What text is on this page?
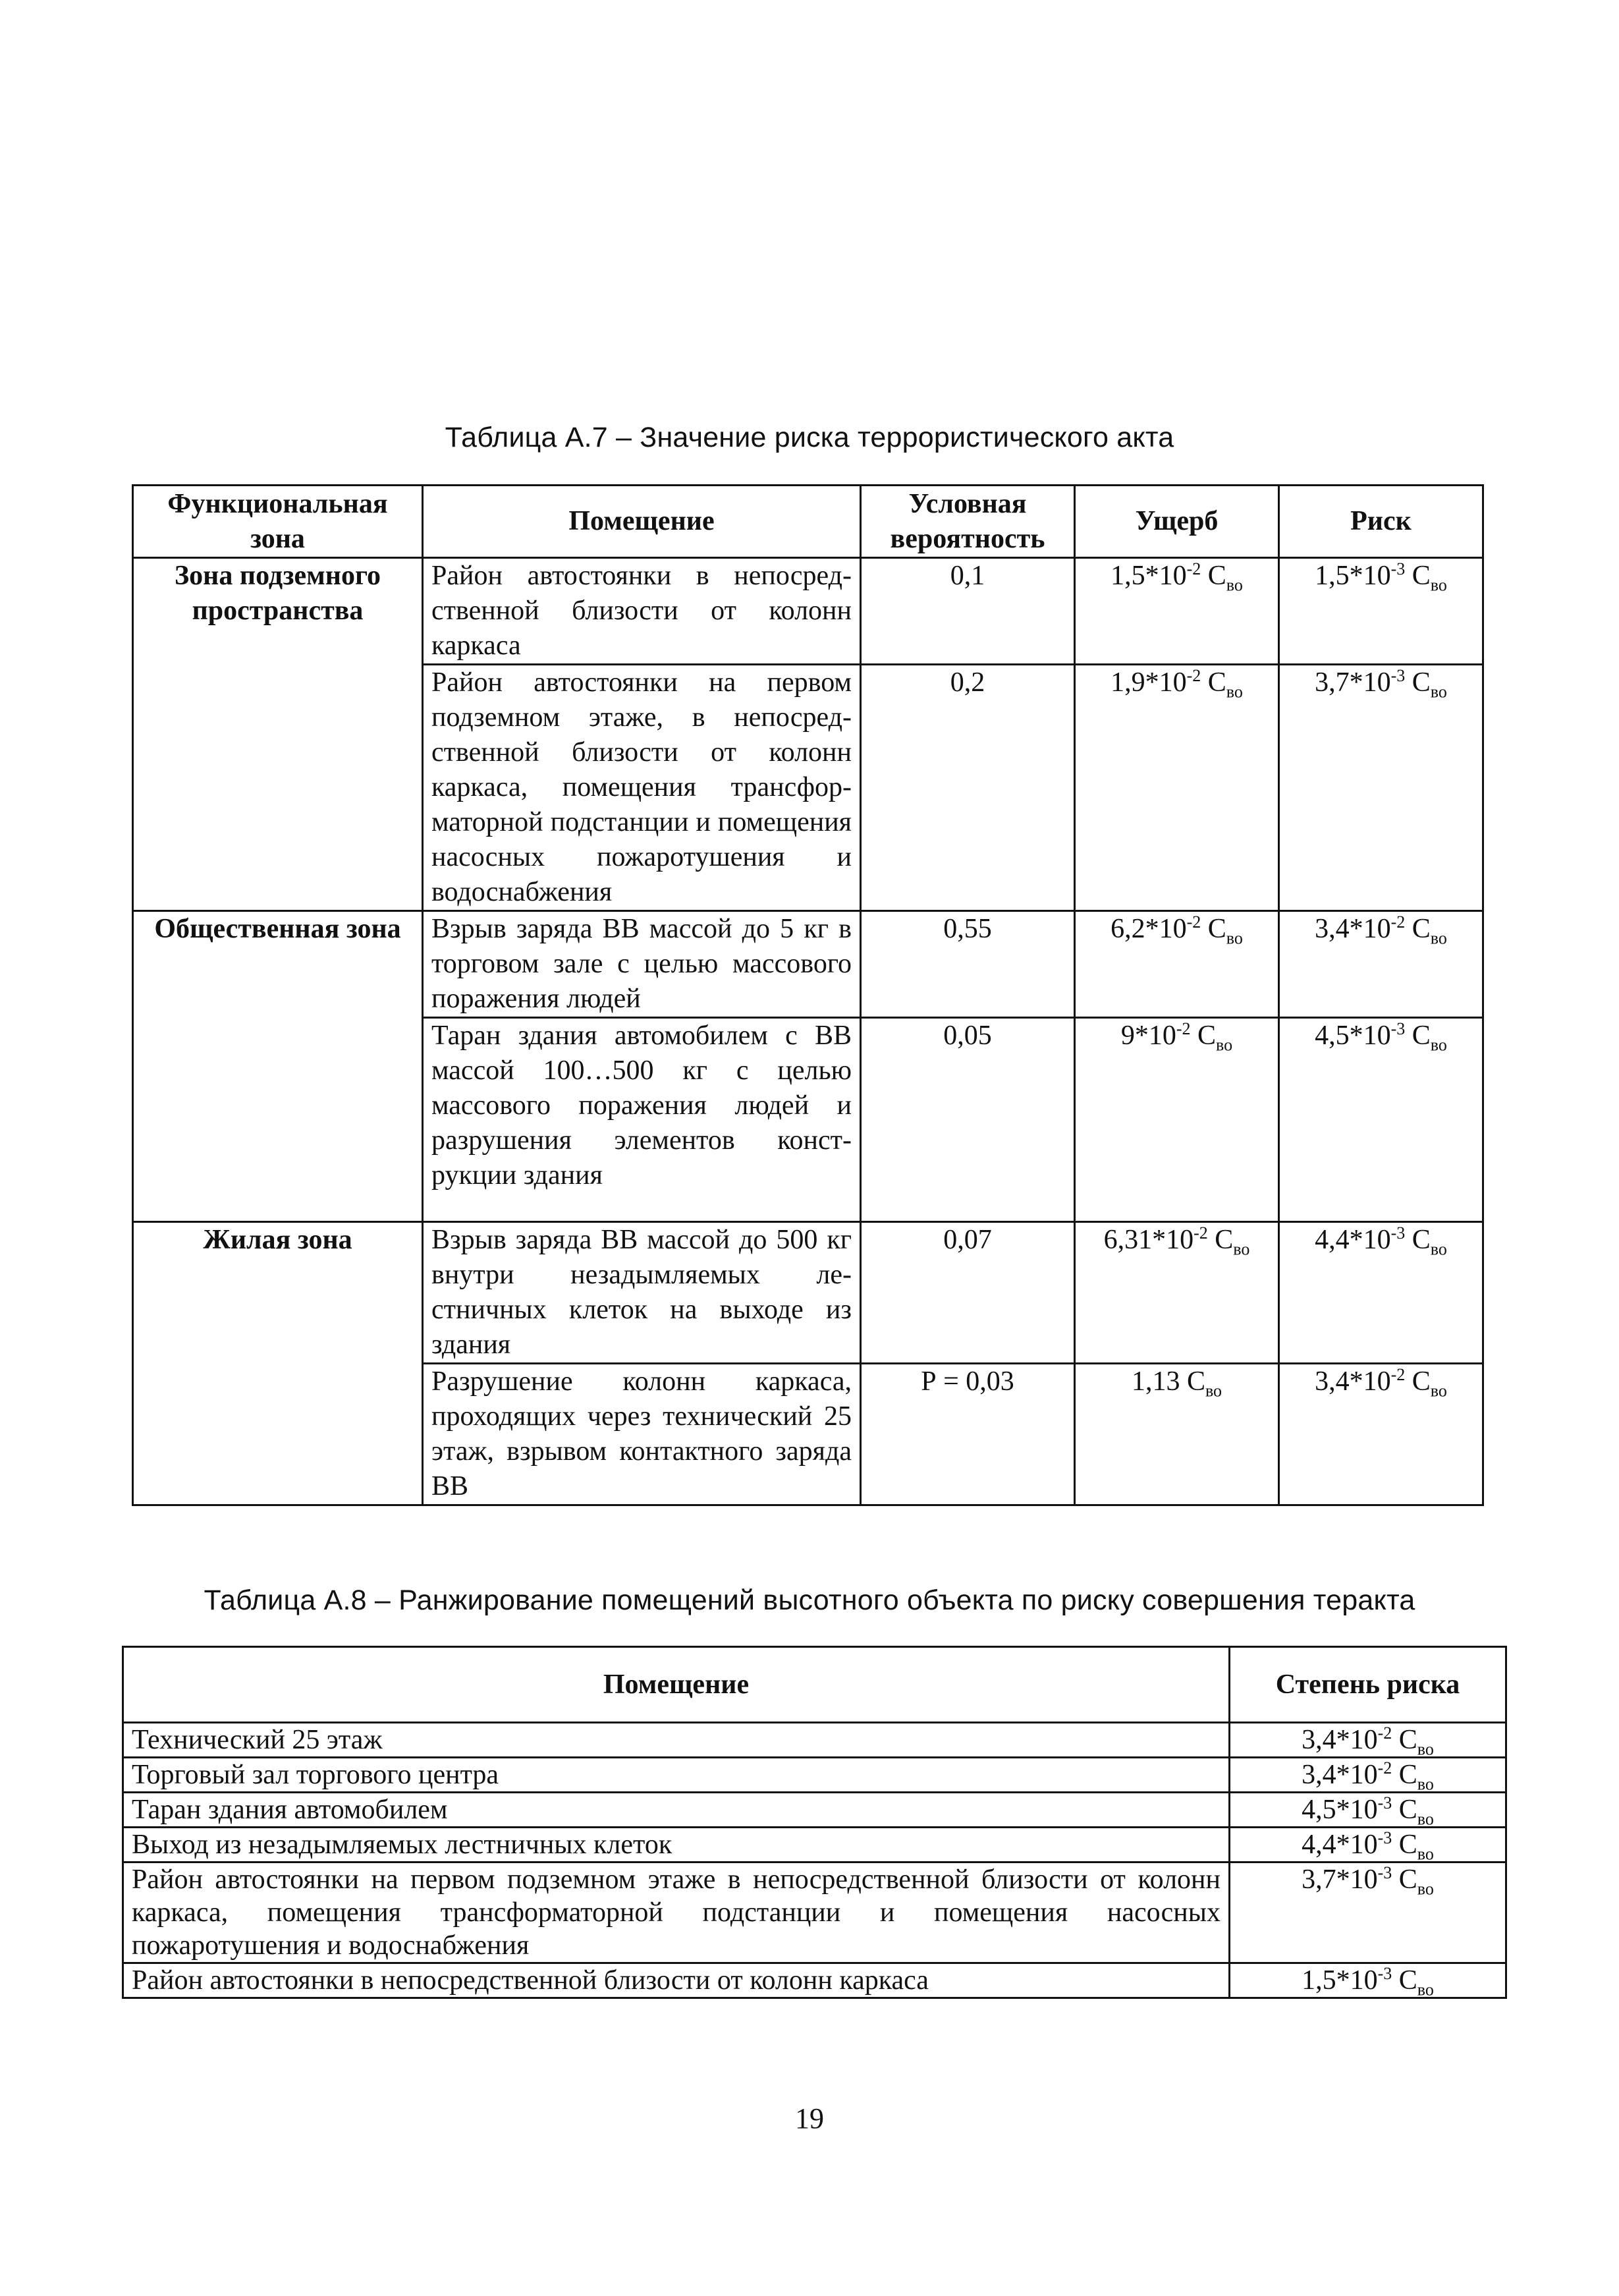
Таблица А.7 – Значение риска террористического акта
Функциональная зона	Помещение	Условная вероятность	Ущерб	Риск
Зона подземного пространства	Район автостоянки в непосредственной близости от колонн каркаса	0,1	$1,5*10^{-2}$ $C_{во}$	$1,5*10^{-3}$ $C_{во}$
	Район автостоянки на первом подземном этаже, в непосредственной близости от колонн каркаса, помещения трансформаторной подстанции и помещения насосных пожаротушения и водоснабжения	0,2	$1,9*10^{-2}$ $C_{во}$	$3,7*10^{-3}$ $C_{во}$
Общественная зона	Взрыв заряда ВВ массой до 5 кг в торговом зале с целью массового поражения людей	0,55	$6,2*10^{-2}$ $C_{во}$	$3,4*10^{-2}$ $C_{во}$
	Таран здания автомобилем с ВВ массой 100…500 кг с целью массового поражения людей и разрушения элементов конструкции здания	0,05	$9*10^{-2}$ $C_{во}$	$4,5*10^{-3}$ $C_{во}$
Жилая зона	Взрыв заряда ВВ массой до 500 кг внутри незадымляемых лестничных клеток на выходе из здания	0,07	$6,31*10^{-2}$ $C_{во}$	$4,4*10^{-3}$ $C_{во}$
	Разрушение колонн каркаса, проходящих через технический 25 этаж, взрывом контактного заряда ВВ	Р = 0,03	1,13 $C_{во}$	$3,4*10^{-2}$ $C_{во}$
Таблица А.8 – Ранжирование помещений высотного объекта по риску совершения теракта
Помещение	Степень риска
Технический 25 этаж	$3,4*10^{-2}$ $C_{во}$
Торговый зал торгового центра	$3,4*10^{-2}$ $C_{во}$
Таран здания автомобилем	$4,5*10^{-3}$ $C_{во}$
Выход из незадымляемых лестничных клеток	$4,4*10^{-3}$ $C_{во}$
Район автостоянки на первом подземном этаже в непосредственной близости от колонн каркаса, помещения трансформаторной подстанции и помещения насосных пожаротушения и водоснабжения	$3,7*10^{-3}$ $C_{во}$
Район автостоянки в непосредственной близости от колонн каркаса	$1,5*10^{-3}$ $C_{во}$
19
